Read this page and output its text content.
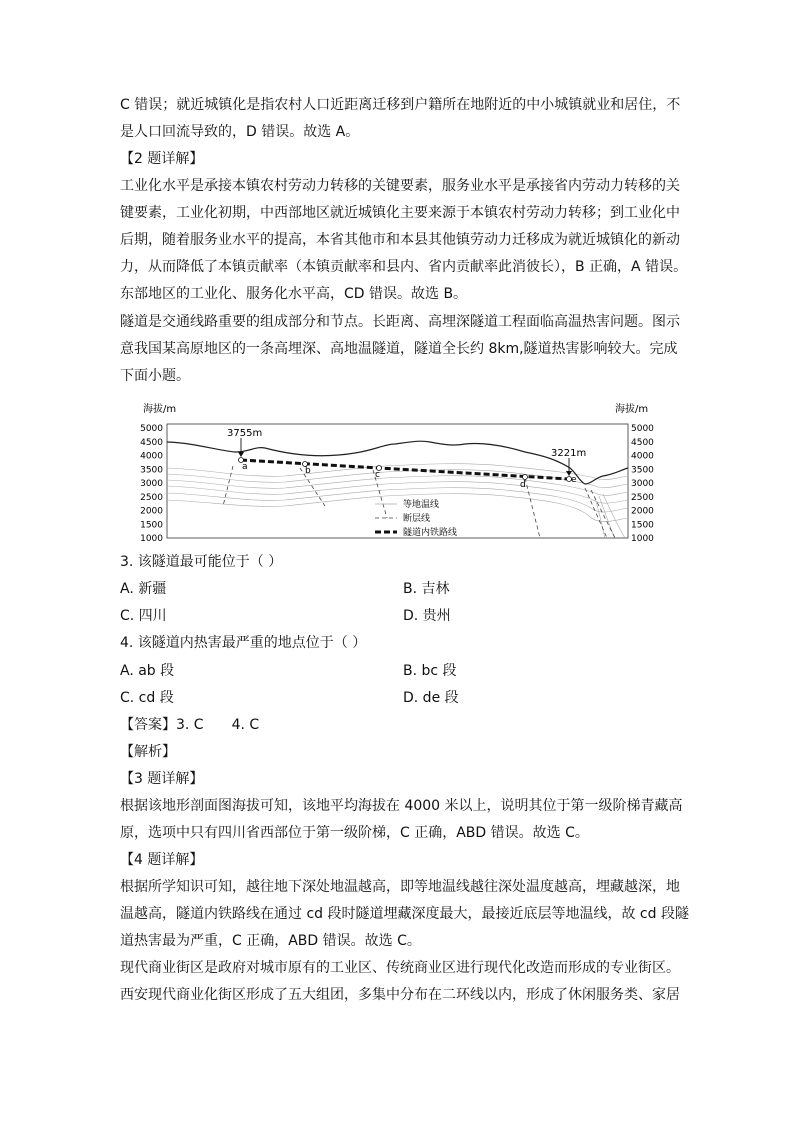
C 错误；就近城镇化是指农村人口近距离迁移到户籍所在地附近的中小城镇就业和居住，不
是人口回流导致的，D 错误。故选 A。
【2 题详解】
工业化水平是承接本镇农村劳动力转移的关键要素，服务业水平是承接省内劳动力转移的关
键要素，工业化初期，中西部地区就近城镇化主要来源于本镇农村劳动力转移；到工业化中
后期，随着服务业水平的提高，本省其他市和本县其他镇劳动力迁移成为就近城镇化的新动
力，从而降低了本镇贡献率（本镇贡献率和县内、省内贡献率此消彼长），B 正确，A 错误。
东部地区的工业化、服务化水平高，CD 错误。故选 B。
隧道是交通线路重要的组成部分和节点。长距离、高埋深隧道工程面临高温热害问题。图示
意我国某高原地区的一条高埋深、高地温隧道，隧道全长约 8km,隧道热害影响较大。完成
下面小题。
海拔/m	海拔/m
5000
4500
4000
3500
3000
2500
2000
1500
1000
5000
4500
4000
3500
3000
2500
2000
1500
1000
a	b	c
d	e
3755m
3221m
等地温线
断层线
隧道内铁路线
3. 该隧道最可能位于（ ）
A. 新疆	B. 吉林
C. 四川	D. 贵州
4. 该隧道内热害最严重的地点位于（ ）
A. ab 段	B. bc 段
C. cd 段	D. de 段
【答案】3. C 4. C
【解析】
【3 题详解】
根据该地形剖面图海拔可知，该地平均海拔在 4000 米以上，说明其位于第一级阶梯青藏高
原，选项中只有四川省西部位于第一级阶梯，C 正确，ABD 错误。故选 C。
【4 题详解】
根据所学知识可知，越往地下深处地温越高，即等地温线越往深处温度越高，埋藏越深，地
温越高，隧道内铁路线在通过 cd 段时隧道埋藏深度最大，最接近底层等地温线，故 cd 段隧
道热害最为严重，C 正确，ABD 错误。故选 C。
现代商业街区是政府对城市原有的工业区、传统商业区进行现代化改造而形成的专业街区。
西安现代商业化街区形成了五大组团，多集中分布在二环线以内，形成了休闲服务类、家居
